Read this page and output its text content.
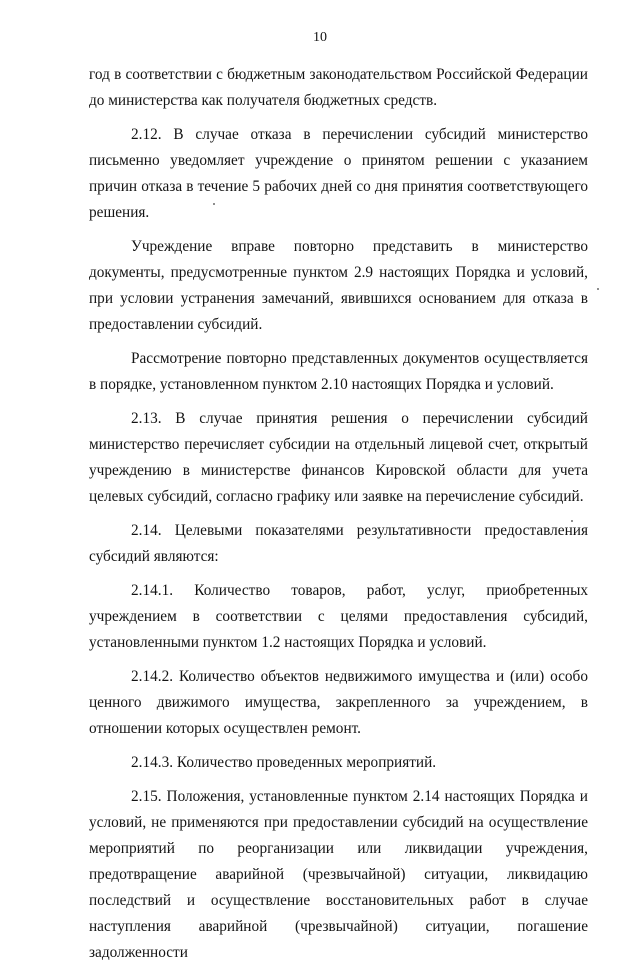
10

год в соответствии с бюджетным законодательством Российской Федерации до министерства как получателя бюджетных средств.

2.12. В случае отказа в перечислении субсидий министерство письменно уведомляет учреждение о принятом решении с указанием причин отказа в течение 5 рабочих дней со дня принятия соответствующего решения.

Учреждение вправе повторно представить в министерство документы, предусмотренные пунктом 2.9 настоящих Порядка и условий, при условии устранения замечаний, явившихся основанием для отказа в предоставлении субсидий.

Рассмотрение повторно представленных документов осуществляется в порядке, установленном пунктом 2.10 настоящих Порядка и условий.

2.13. В случае принятия решения о перечислении субсидий министерство перечисляет субсидии на отдельный лицевой счет, открытый учреждению в министерстве финансов Кировской области для учета целевых субсидий, согласно графику или заявке на перечисление субсидий.

2.14. Целевыми показателями результативности предоставления субсидий являются:

2.14.1. Количество товаров, работ, услуг, приобретенных учреждением в соответствии с целями предоставления субсидий, установленными пунктом 1.2 настоящих Порядка и условий.

2.14.2. Количество объектов недвижимого имущества и (или) особо ценного движимого имущества, закрепленного за учреждением, в отношении которых осуществлен ремонт.

2.14.3. Количество проведенных мероприятий.

2.15. Положения, установленные пунктом 2.14 настоящих Порядка и условий, не применяются при предоставлении субсидий на осуществление мероприятий по реорганизации или ликвидации учреждения, предотвращение аварийной (чрезвычайной) ситуации, ликвидацию последствий и осуществление восстановительных работ в случае наступления аварийной (чрезвычайной) ситуации, погашение задолженности
